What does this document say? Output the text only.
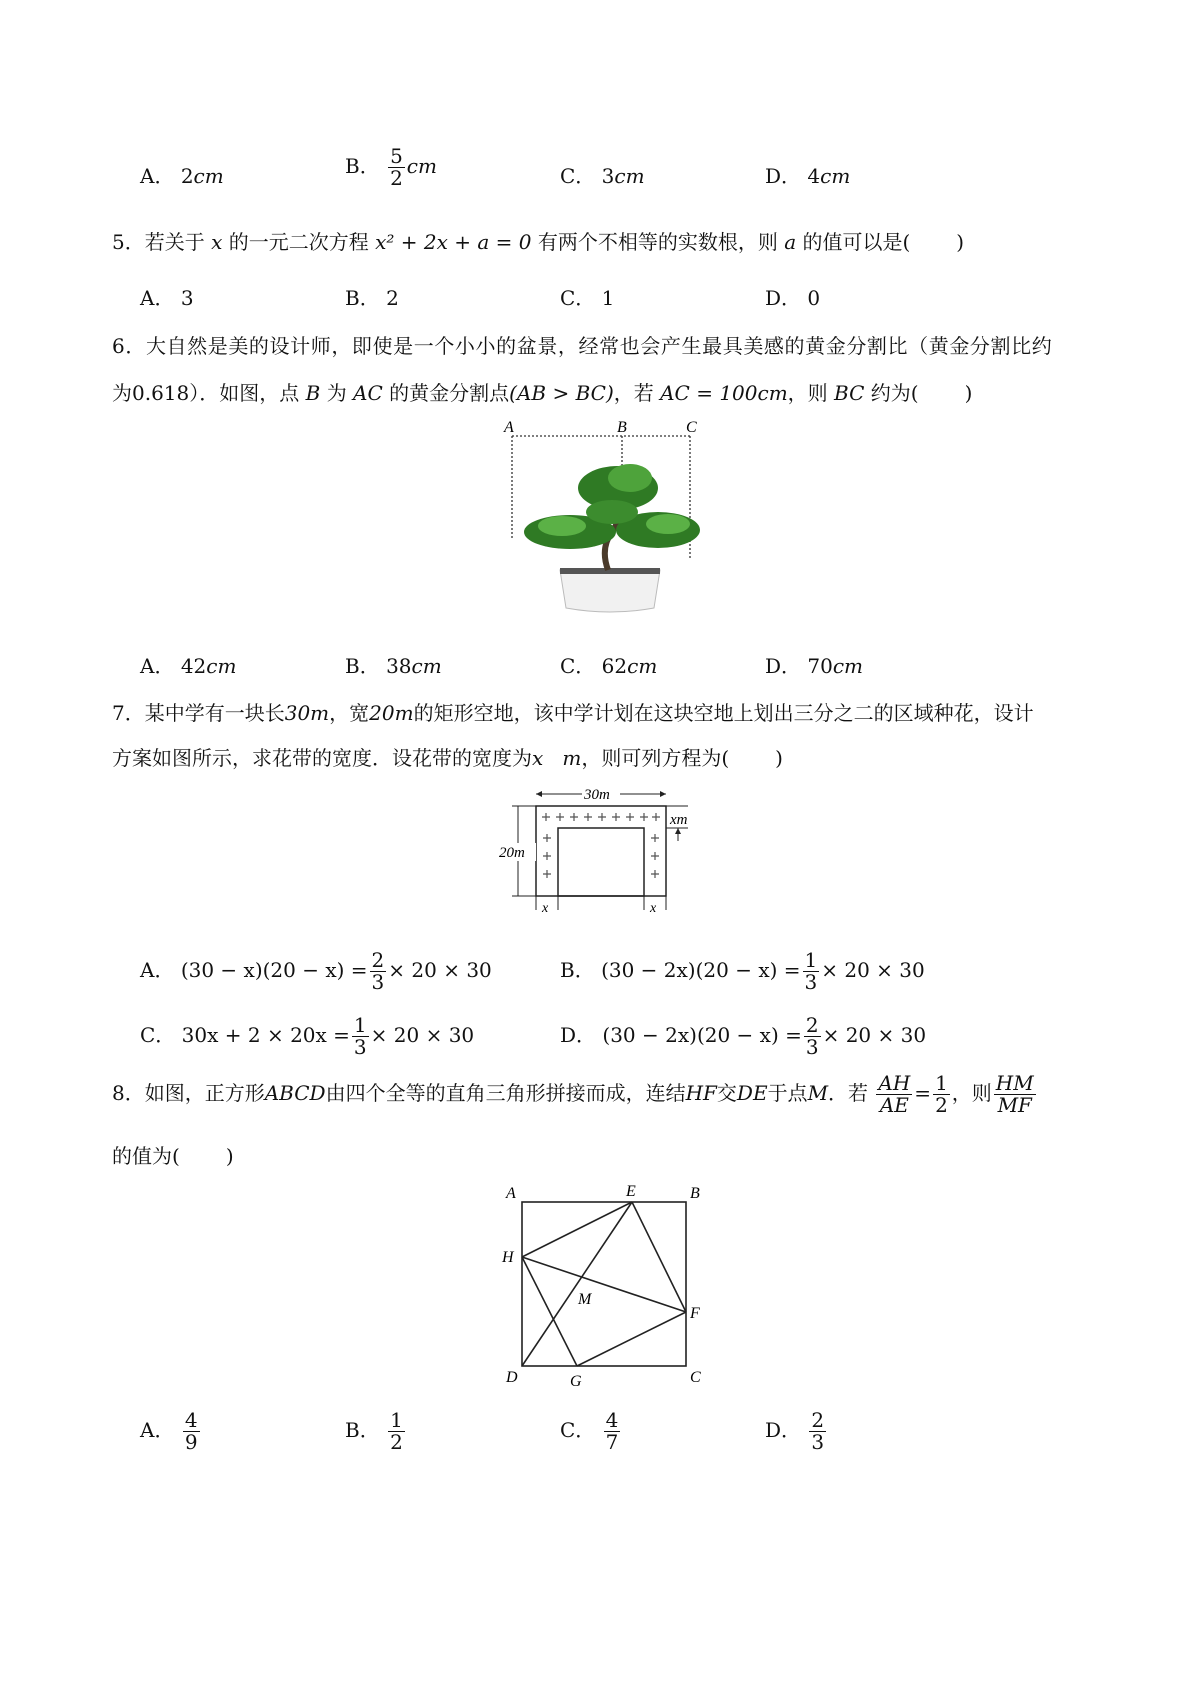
A． 2cm	B． $\frac{5}{2}$ cm	C． 3cm	D． 4cm
5．若关于 x 的一元二次方程 x² + 2x + a = 0 有两个不相等的实数根，则 a 的值可以是( )
A． 3	B． 2	C． 1	D． 0
6．大自然是美的设计师，即使是一个小小的盆景，经常也会产生最具美感的黄金分割比（黄金分割比约
为0.618）．如图，点 B 为 AC 的黄金分割点(AB > BC)，若 AC = 100cm，则 BC 约为( )
A	B	C
A． 42cm	B． 38cm	C． 62cm	D． 70cm
7．某中学有一块长30m，宽20m的矩形空地，该中学计划在这块空地上划出三分之二的区域种花，设计
方案如图所示，求花带的宽度．设花带的宽度为x   m，则可列方程为( )
30m
20m
xm
x	x
A． $(30 - x)(20 - x) = \frac{2}{3} \times 20 \times 30$	B． $(30 - 2x)(20 - x) = \frac{1}{3} \times 20 \times 30$
C． $30x + 2 \times 20x = \frac{1}{3} \times 20 \times 30$	D． $(30 - 2x)(20 - x) = \frac{2}{3} \times 20 \times 30$
8．如图，正方形ABCD由四个全等的直角三角形拼接而成，连结HF交DE于点M．若 $\frac{AH}{AE} = \frac{1}{2}$ ，则 $\frac{HM}{MF}$
的值为( )
A	E	B
H
M
F
D	G	C
A． $\frac{4}{9}$	B． $\frac{1}{2}$	C． $\frac{4}{7}$	D． $\frac{2}{3}$
